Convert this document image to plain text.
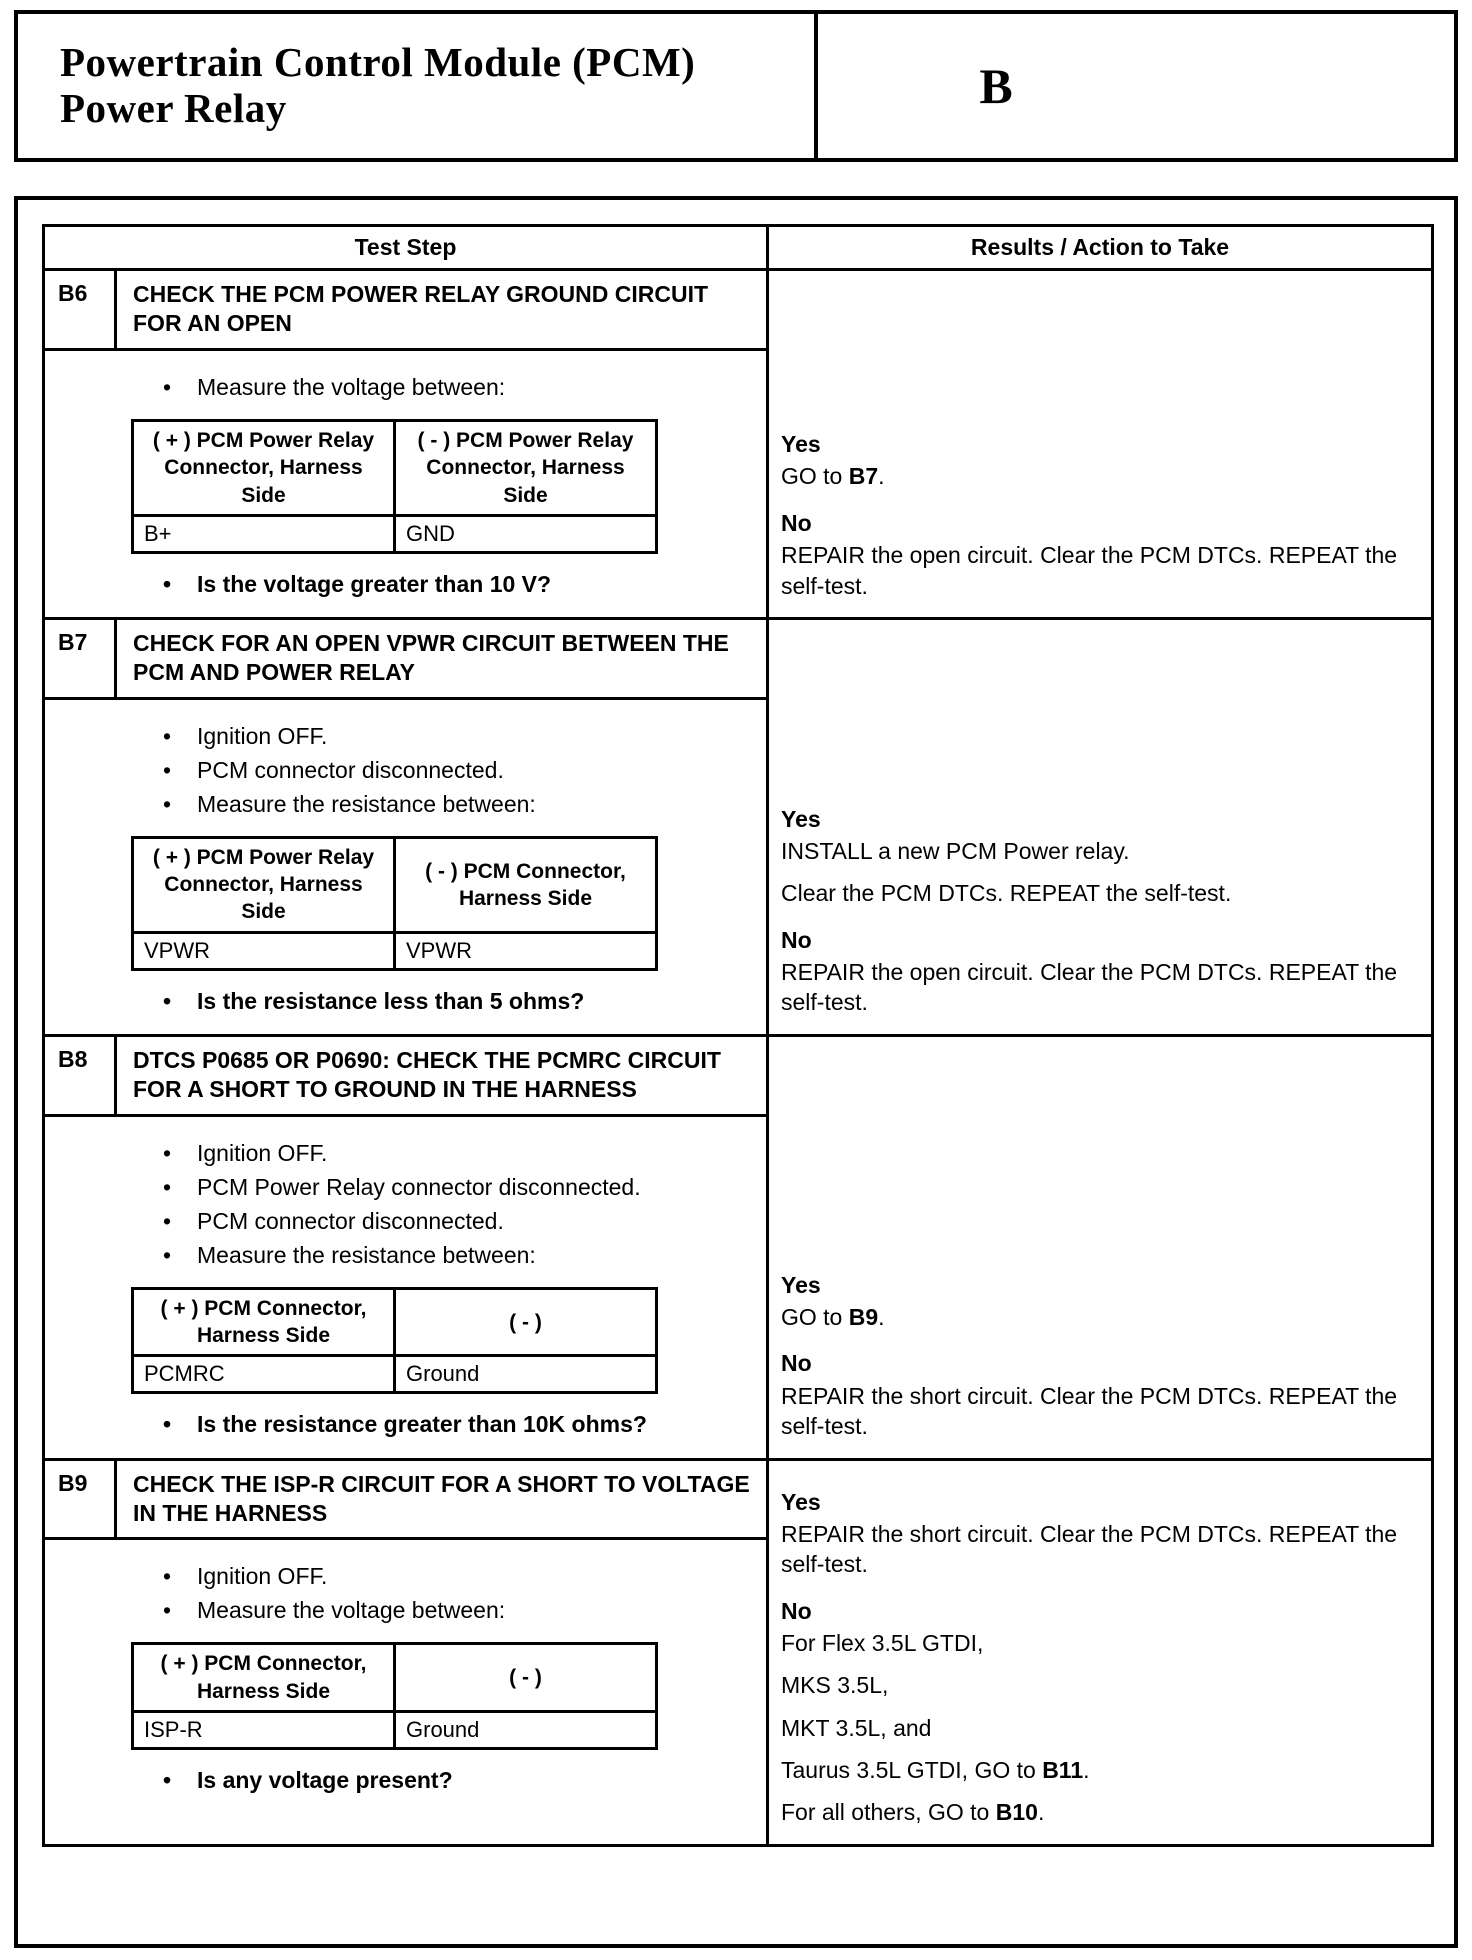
Powertrain Control Module (PCM)
Power Relay	B
Test Step	Results / Action to Take
B6	CHECK THE PCM POWER RELAY GROUND CIRCUIT FOR AN OPEN
• Measure the voltage between:
( + ) PCM Power Relay Connector, Harness Side	( - ) PCM Power Relay Connector, Harness Side
B+	GND
• Is the voltage greater than 10 V?
Yes
GO to B7.
No
REPAIR the open circuit. Clear the PCM DTCs. REPEAT the self-test.
B7	CHECK FOR AN OPEN VPWR CIRCUIT BETWEEN THE PCM AND POWER RELAY
• Ignition OFF.
• PCM connector disconnected.
• Measure the resistance between:
( + ) PCM Power Relay Connector, Harness Side	( - ) PCM Connector, Harness Side
VPWR	VPWR
• Is the resistance less than 5 ohms?
Yes
INSTALL a new PCM Power relay.
Clear the PCM DTCs. REPEAT the self-test.
No
REPAIR the open circuit. Clear the PCM DTCs. REPEAT the self-test.
B8	DTCS P0685 OR P0690: CHECK THE PCMRC CIRCUIT FOR A SHORT TO GROUND IN THE HARNESS
• Ignition OFF.
• PCM Power Relay connector disconnected.
• PCM connector disconnected.
• Measure the resistance between:
( + ) PCM Connector, Harness Side	( - )
PCMRC	Ground
• Is the resistance greater than 10K ohms?
Yes
GO to B9.
No
REPAIR the short circuit. Clear the PCM DTCs. REPEAT the self-test.
B9	CHECK THE ISP-R CIRCUIT FOR A SHORT TO VOLTAGE IN THE HARNESS
• Ignition OFF.
• Measure the voltage between:
( + ) PCM Connector, Harness Side	( - )
ISP-R	Ground
• Is any voltage present?
Yes
REPAIR the short circuit. Clear the PCM DTCs. REPEAT the self-test.
No
For Flex 3.5L GTDI,
MKS 3.5L,
MKT 3.5L, and
Taurus 3.5L GTDI, GO to B11.
For all others, GO to B10.
